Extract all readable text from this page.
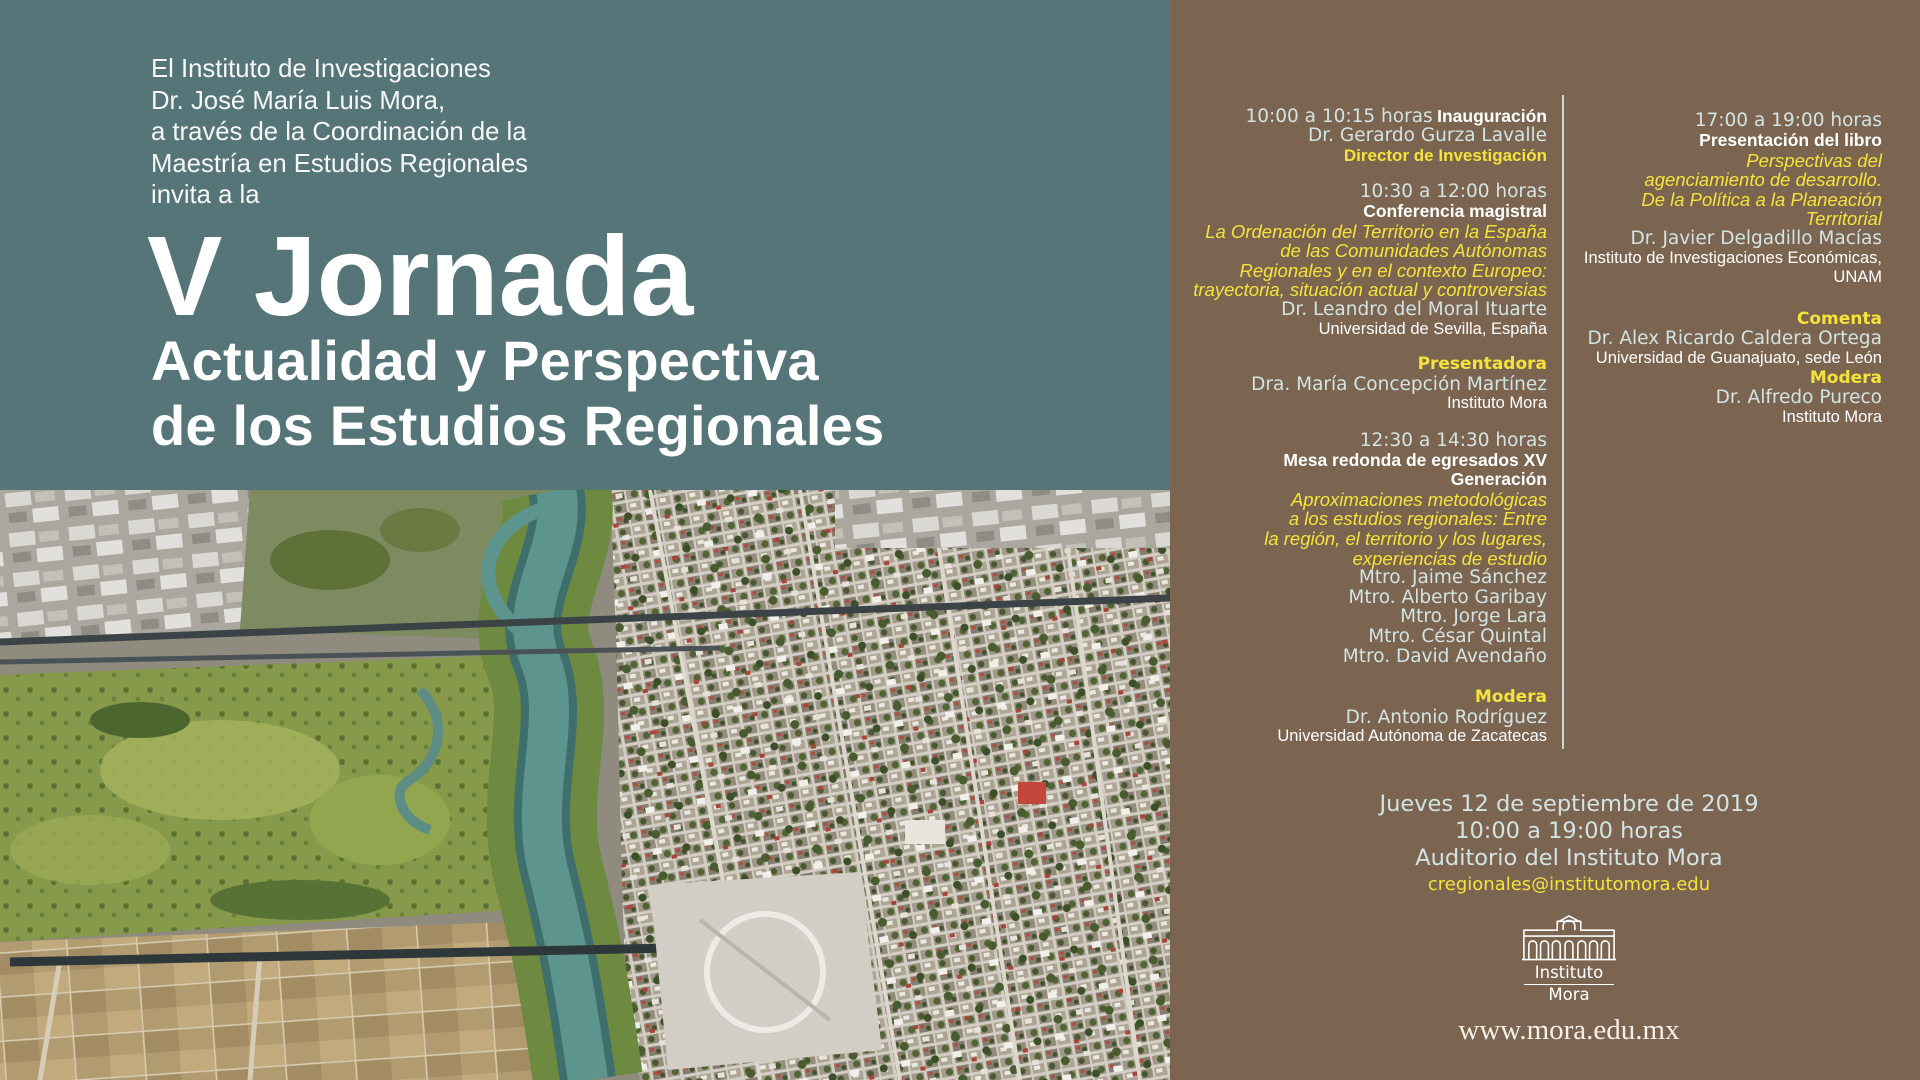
El Instituto de Investigaciones
Dr. José María Luis Mora,
a través de la Coordinación de la
Maestría en Estudios Regionales
invita a la
V Jornada
Actualidad y Perspectiva
de los Estudios Regionales
10:00 a 10:15 horas Inauguración
Dr. Gerardo Gurza Lavalle
Director de Investigación
10:30 a 12:00 horas
Conferencia magistral
La Ordenación del Territorio en la España
de las Comunidades Autónomas
Regionales y en el contexto Europeo:
trayectoria, situación actual y controversias
Dr. Leandro del Moral Ituarte
Universidad de Sevilla, España
Presentadora
Dra. María Concepción Martínez
Instituto Mora
12:30 a 14:30 horas
Mesa redonda de egresados XV
Generación
Aproximaciones metodológicas
a los estudios regionales: Entre
la región, el territorio y los lugares,
experiencias de estudio
Mtro. Jaime Sánchez
Mtro. Alberto Garibay
Mtro. Jorge Lara
Mtro. César Quintal
Mtro. David Avendaño
Modera
Dr. Antonio Rodríguez
Universidad Autónoma de Zacatecas
17:00 a 19:00 horas
Presentación del libro
Perspectivas del
agenciamiento de desarrollo.
De la Política a la Planeación
Territorial
Dr. Javier Delgadillo Macías
Instituto de Investigaciones Económicas,
UNAM
Comenta
Dr. Alex Ricardo Caldera Ortega
Universidad de Guanajuato, sede León
Modera
Dr. Alfredo Pureco
Instituto Mora
Jueves 12 de septiembre de 2019
10:00 a 19:00 horas
Auditorio del Instituto Mora
cregionales@institutomora.edu
Instituto
Mora
www.mora.edu.mx
